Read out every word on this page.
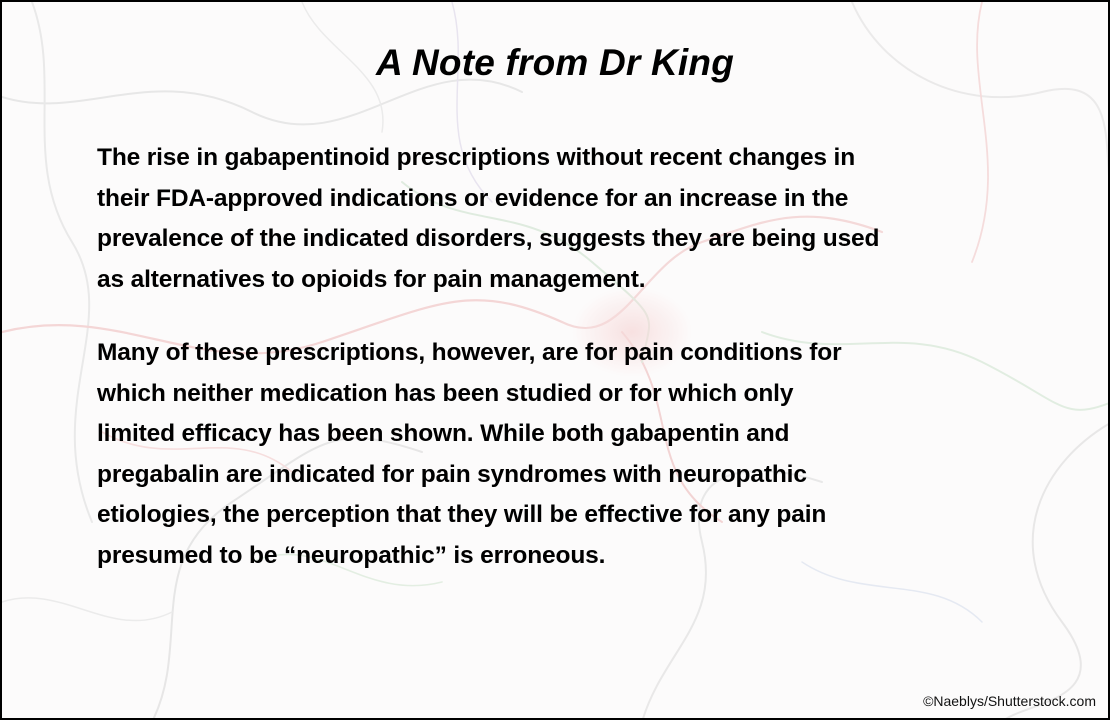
A Note from Dr King

The rise in gabapentinoid prescriptions without recent changes in
their FDA-approved indications or evidence for an increase in the
prevalence of the indicated disorders, suggests they are being used
as alternatives to opioids for pain management.

Many of these prescriptions, however, are for pain conditions for
which neither medication has been studied or for which only
limited efficacy has been shown. While both gabapentin and
pregabalin are indicated for pain syndromes with neuropathic
etiologies, the perception that they will be effective for any pain
presumed to be “neuropathic” is erroneous.

©Naeblys/Shutterstock.com
